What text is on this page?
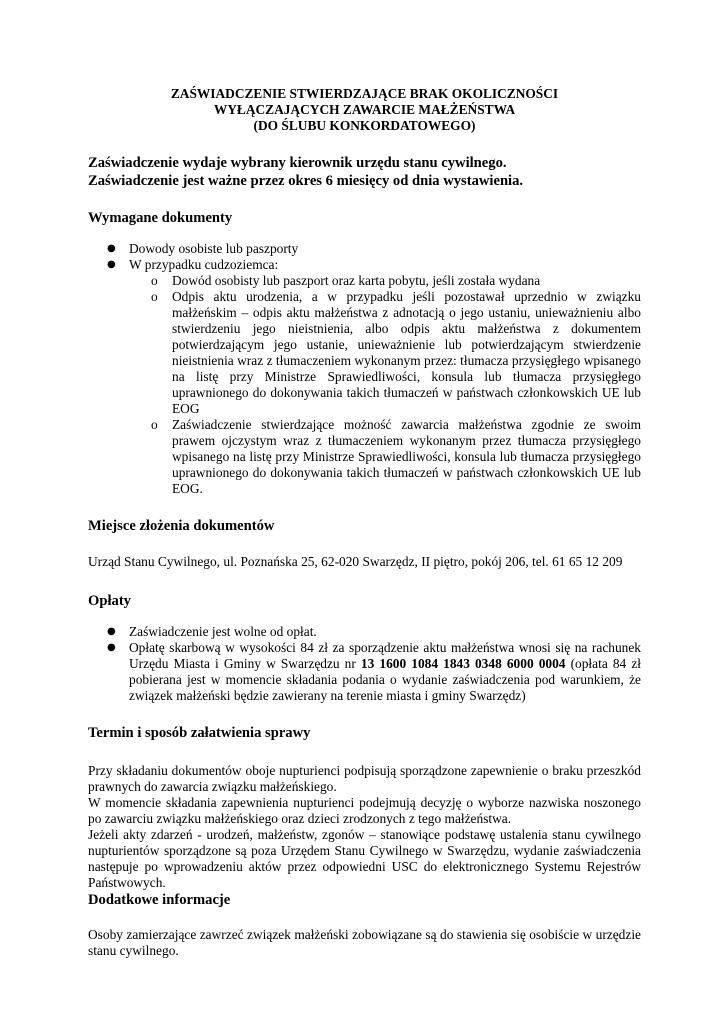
ZAŚWIADCZENIE STWIERDZAJĄCE BRAK OKOLICZNOŚCI
WYŁĄCZAJĄCYCH ZAWARCIE MAŁŻEŃSTWA
(DO ŚLUBU KONKORDATOWEGO)

Zaświadczenie wydaje wybrany kierownik urzędu stanu cywilnego.

Zaświadczenie jest ważne przez okres 6 miesięcy od dnia wystawienia.

Wymagane dokumenty
● Dowody osobiste lub paszporty
● W przypadku cudzoziemca:
o Dowód osobisty lub paszport oraz karta pobytu, jeśli została wydana
o Odpis aktu urodzenia, a w przypadku jeśli pozostawał uprzednio w związku małżeńskim – odpis aktu małżeństwa z adnotacją o jego ustaniu, unieważnieniu albo stwierdzeniu jego nieistnienia, albo odpis aktu małżeństwa z dokumentem potwierdzającym jego ustanie, unieważnienie lub potwierdzającym stwierdzenie nieistnienia wraz z tłumaczeniem wykonanym przez: tłumacza przysięgłego wpisanego na listę przy Ministrze Sprawiedliwości, konsula lub tłumacza przysięgłego uprawnionego do dokonywania takich tłumaczeń w państwach członkowskich UE lub EOG
o Zaświadczenie stwierdzające możność zawarcia małżeństwa zgodnie ze swoim prawem ojczystym wraz z tłumaczeniem wykonanym przez tłumacza przysięgłego wpisanego na listę przy Ministrze Sprawiedliwości, konsula lub tłumacza przysięgłego uprawnionego do dokonywania takich tłumaczeń w państwach członkowskich UE lub EOG.
Miejsce złożenia dokumentów

Urząd Stanu Cywilnego, ul. Poznańska 25, 62-020 Swarzędz, II piętro, pokój 206, tel. 61 65 12 209

Opłaty
● Zaświadczenie jest wolne od opłat.
● Opłatę skarbową w wysokości 84 zł za sporządzenie aktu małżeństwa wnosi się na rachunek Urzędu Miasta i Gminy w Swarzędzu nr 13 1600 1084 1843 0348 6000 0004 (opłata 84 zł pobierana jest w momencie składania podania o wydanie zaświadczenia pod warunkiem, że związek małżeński będzie zawierany na terenie miasta i gminy Swarzędz)
Termin i sposób załatwienia sprawy

Przy składaniu dokumentów oboje nupturienci podpisują sporządzone zapewnienie o braku przeszkód prawnych do zawarcia związku małżeńskiego.

W momencie składania zapewnienia nupturienci podejmują decyzję o wyborze nazwiska noszonego po zawarciu związku małżeńskiego oraz dzieci zrodzonych z tego małżeństwa.

Jeżeli akty zdarzeń - urodzeń, małżeństw, zgonów – stanowiące podstawę ustalenia stanu cywilnego nupturientów sporządzone są poza Urzędem Stanu Cywilnego w Swarzędzu, wydanie zaświadczenia następuje po wprowadzeniu aktów przez odpowiedni USC do elektronicznego Systemu Rejestrów Państwowych.

Dodatkowe informacje

Osoby zamierzające zawrzeć związek małżeński zobowiązane są do stawienia się osobiście w urzędzie stanu cywilnego.
